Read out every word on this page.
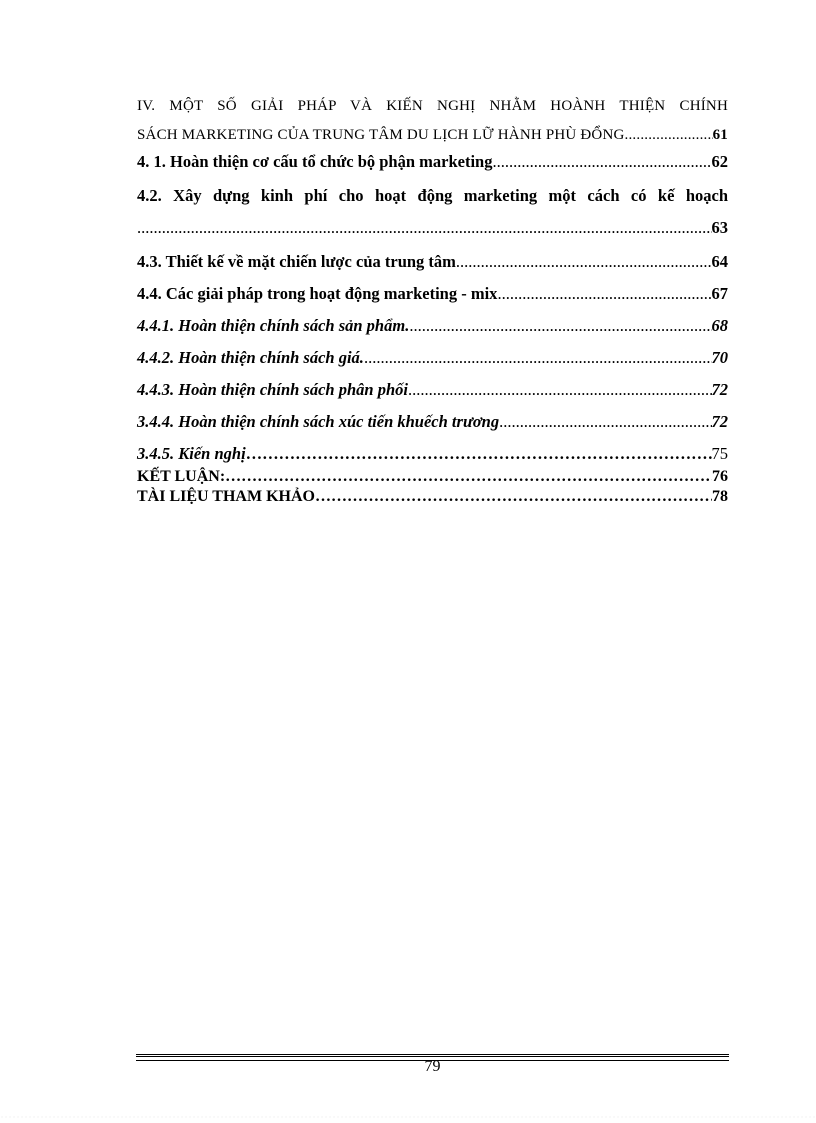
IV. MỘT SỐ GIẢI PHÁP VÀ KIẾN NGHỊ NHẰM HOÀNH THIỆN CHÍNH
SÁCH MARKETING CỦA TRUNG TÂM DU LỊCH LỮ HÀNH PHÙ ĐỔNG .....	61
4. 1. Hoàn thiện cơ cấu tổ chức bộ phận marketing .....	62
4.2. Xây dựng kinh phí cho hoạt động marketing một cách có kế hoạch
.....
63
4.3. Thiết kế về mặt chiến lược của trung tâm .....	64
4.4. Các giải pháp trong hoạt động marketing - mix .....	67
4.4.1. Hoàn thiện chính sách sản phẩm. .....	68
4.4.2. Hoàn thiện chính sách giá. .....	70
4.4.3. Hoàn thiện chính sách phân phối .....	72
3.4.4. Hoàn thiện chính sách xúc tiến khuếch trương .....	72
3.4.5. Kiến nghị …………………………………………………………………………………………………………………………………………………………………………………………	75
KẾT LUẬN: …………………………………………………………………………………………………………………………………………………………………………………………	76
TÀI LIỆU THAM KHẢO …………………………………………………………………………………………………………………………………………………………………………………………	78
79
